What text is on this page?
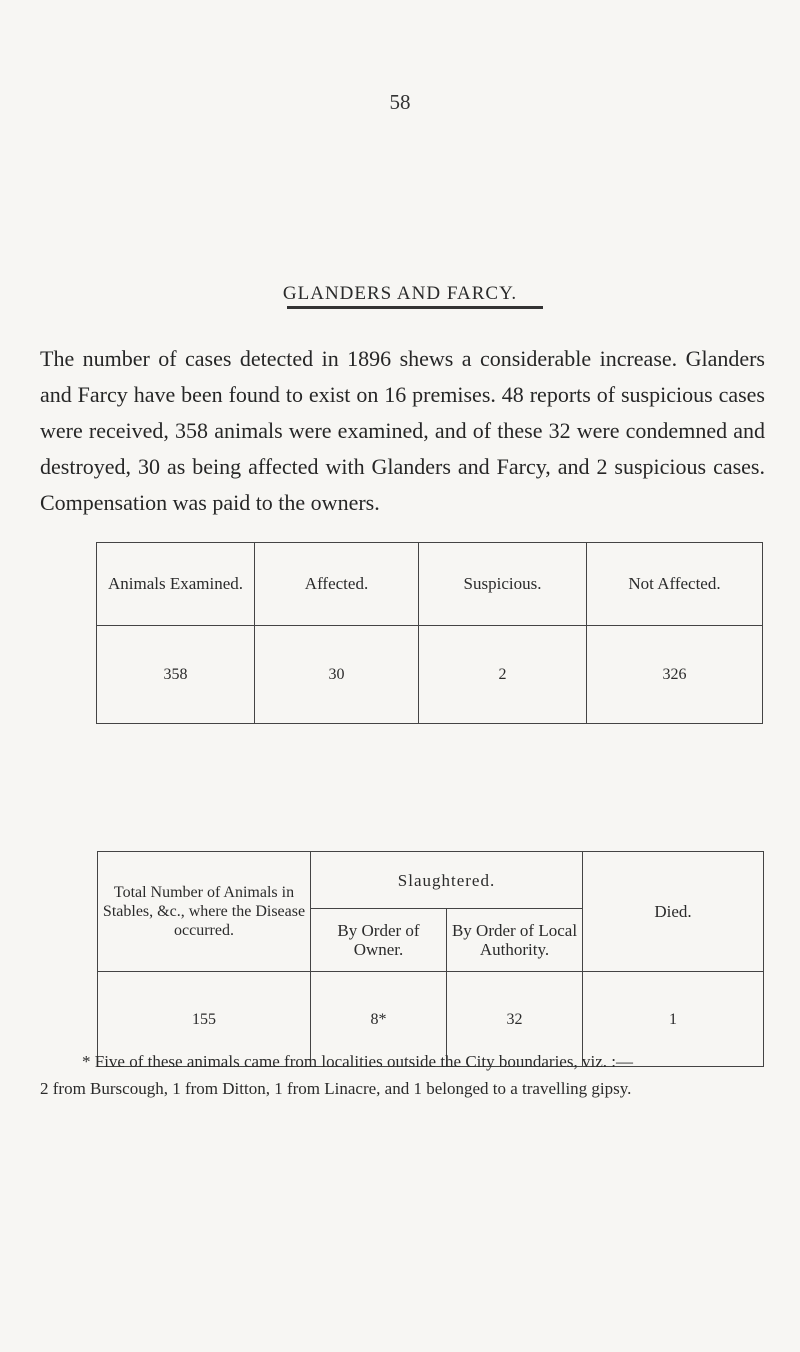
58
GLANDERS AND FARCY.
The number of cases detected in 1896 shews a considerable increase. Glanders and Farcy have been found to exist on 16 premises. 48 reports of suspicious cases were received, 358 animals were examined, and of these 32 were condemned and destroyed, 30 as being affected with Glanders and Farcy, and 2 suspicious cases. Compensation was paid to the owners.
Animals Examined.	Affected.	Suspicious.	Not Affected.
358	30	2	326
Total Number of Animals in Stables, &c., where the Disease occurred.	Slaughtered.		Died.
	By Order of Owner.	By Order of Local Authority.	
155	8*	32	1
* Five of these animals came from localities outside the City boundaries, viz. :—
2 from Burscough, 1 from Ditton, 1 from Linacre, and 1 belonged to a travelling gipsy.
